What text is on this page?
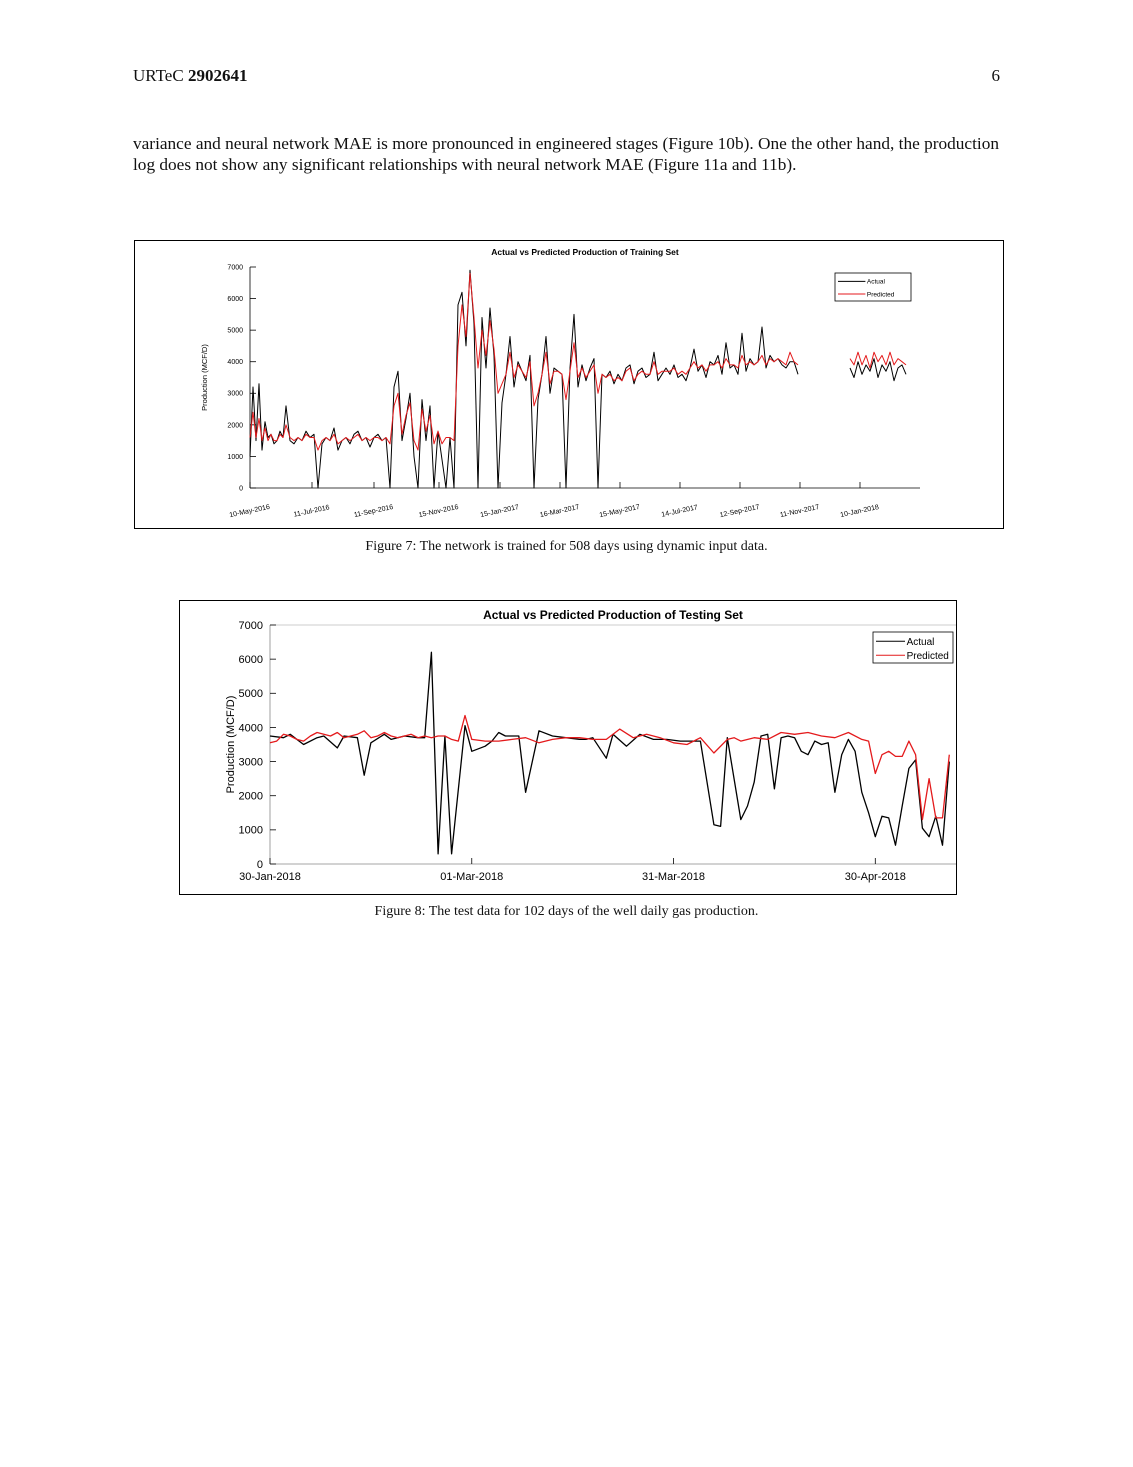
URTeC 2902641	6
variance and neural network MAE is more pronounced in engineered stages (Figure 10b). One the other hand, the production log does not show any significant relationships with neural network MAE (Figure 11a and 11b).
Actual vs Predicted Production of Training Set
0
1000
2000
3000
4000
5000
6000
7000
10-May-2016	11-Jul-2016	11-Sep-2016	15-Nov-2016	15-Jan-2017	16-Mar-2017	15-May-2017	14-Jul-2017	12-Sep-2017	11-Nov-2017	10-Jan-2018
Production (MCF/D)
Actual
Predicted
Figure 7: The network is trained for 508 days using dynamic input data.
Actual vs Predicted Production of Testing Set
0
1000
2000
3000
4000
5000
6000
7000
30-Jan-2018	01-Mar-2018	31-Mar-2018	30-Apr-2018
Production (MCF/D)
Actual
Predicted
Figure 8: The test data for 102 days of the well daily gas production.
